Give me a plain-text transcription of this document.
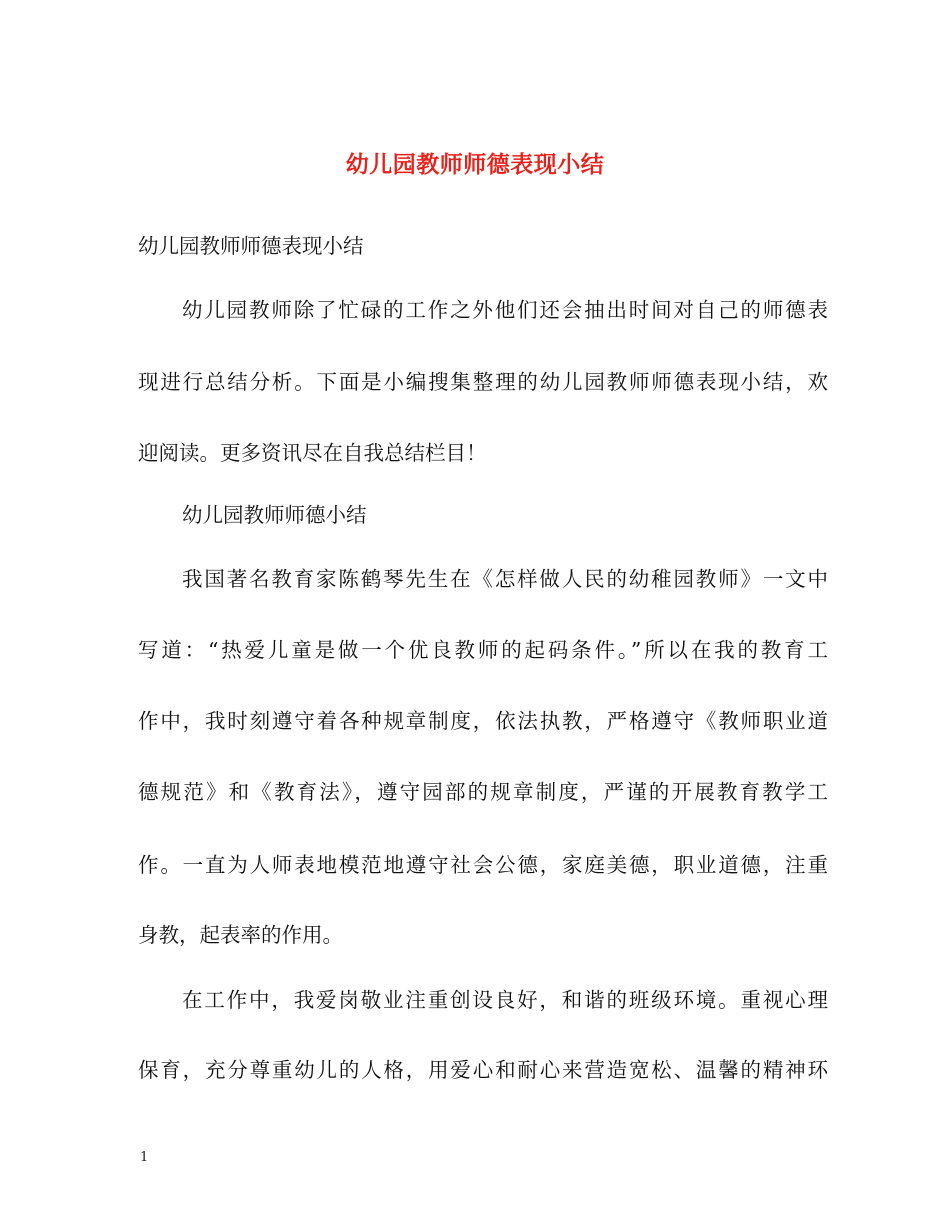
幼儿园教师师德表现小结

幼儿园教师师德表现小结

幼儿园教师除了忙碌的工作之外他们还会抽出时间对自己的师德表

现进行总结分析。下面是小编搜集整理的幼儿园教师师德表现小结，欢

迎阅读。更多资讯尽在自我总结栏目！

幼儿园教师师德小结

我国著名教育家陈鹤琴先生在《怎样做人民的幼稚园教师》一文中

写道：“热爱儿童是做一个优良教师的起码条件。”所以在我的教育工

作中，我时刻遵守着各种规章制度，依法执教，严格遵守《教师职业道

德规范》和《教育法》，遵守园部的规章制度，严谨的开展教育教学工

作。一直为人师表地模范地遵守社会公德，家庭美德，职业道德，注重

身教，起表率的作用。

在工作中，我爱岗敬业注重创设良好，和谐的班级环境。重视心理

保育，充分尊重幼儿的人格，用爱心和耐心来营造宽松、温馨的精神环

1
